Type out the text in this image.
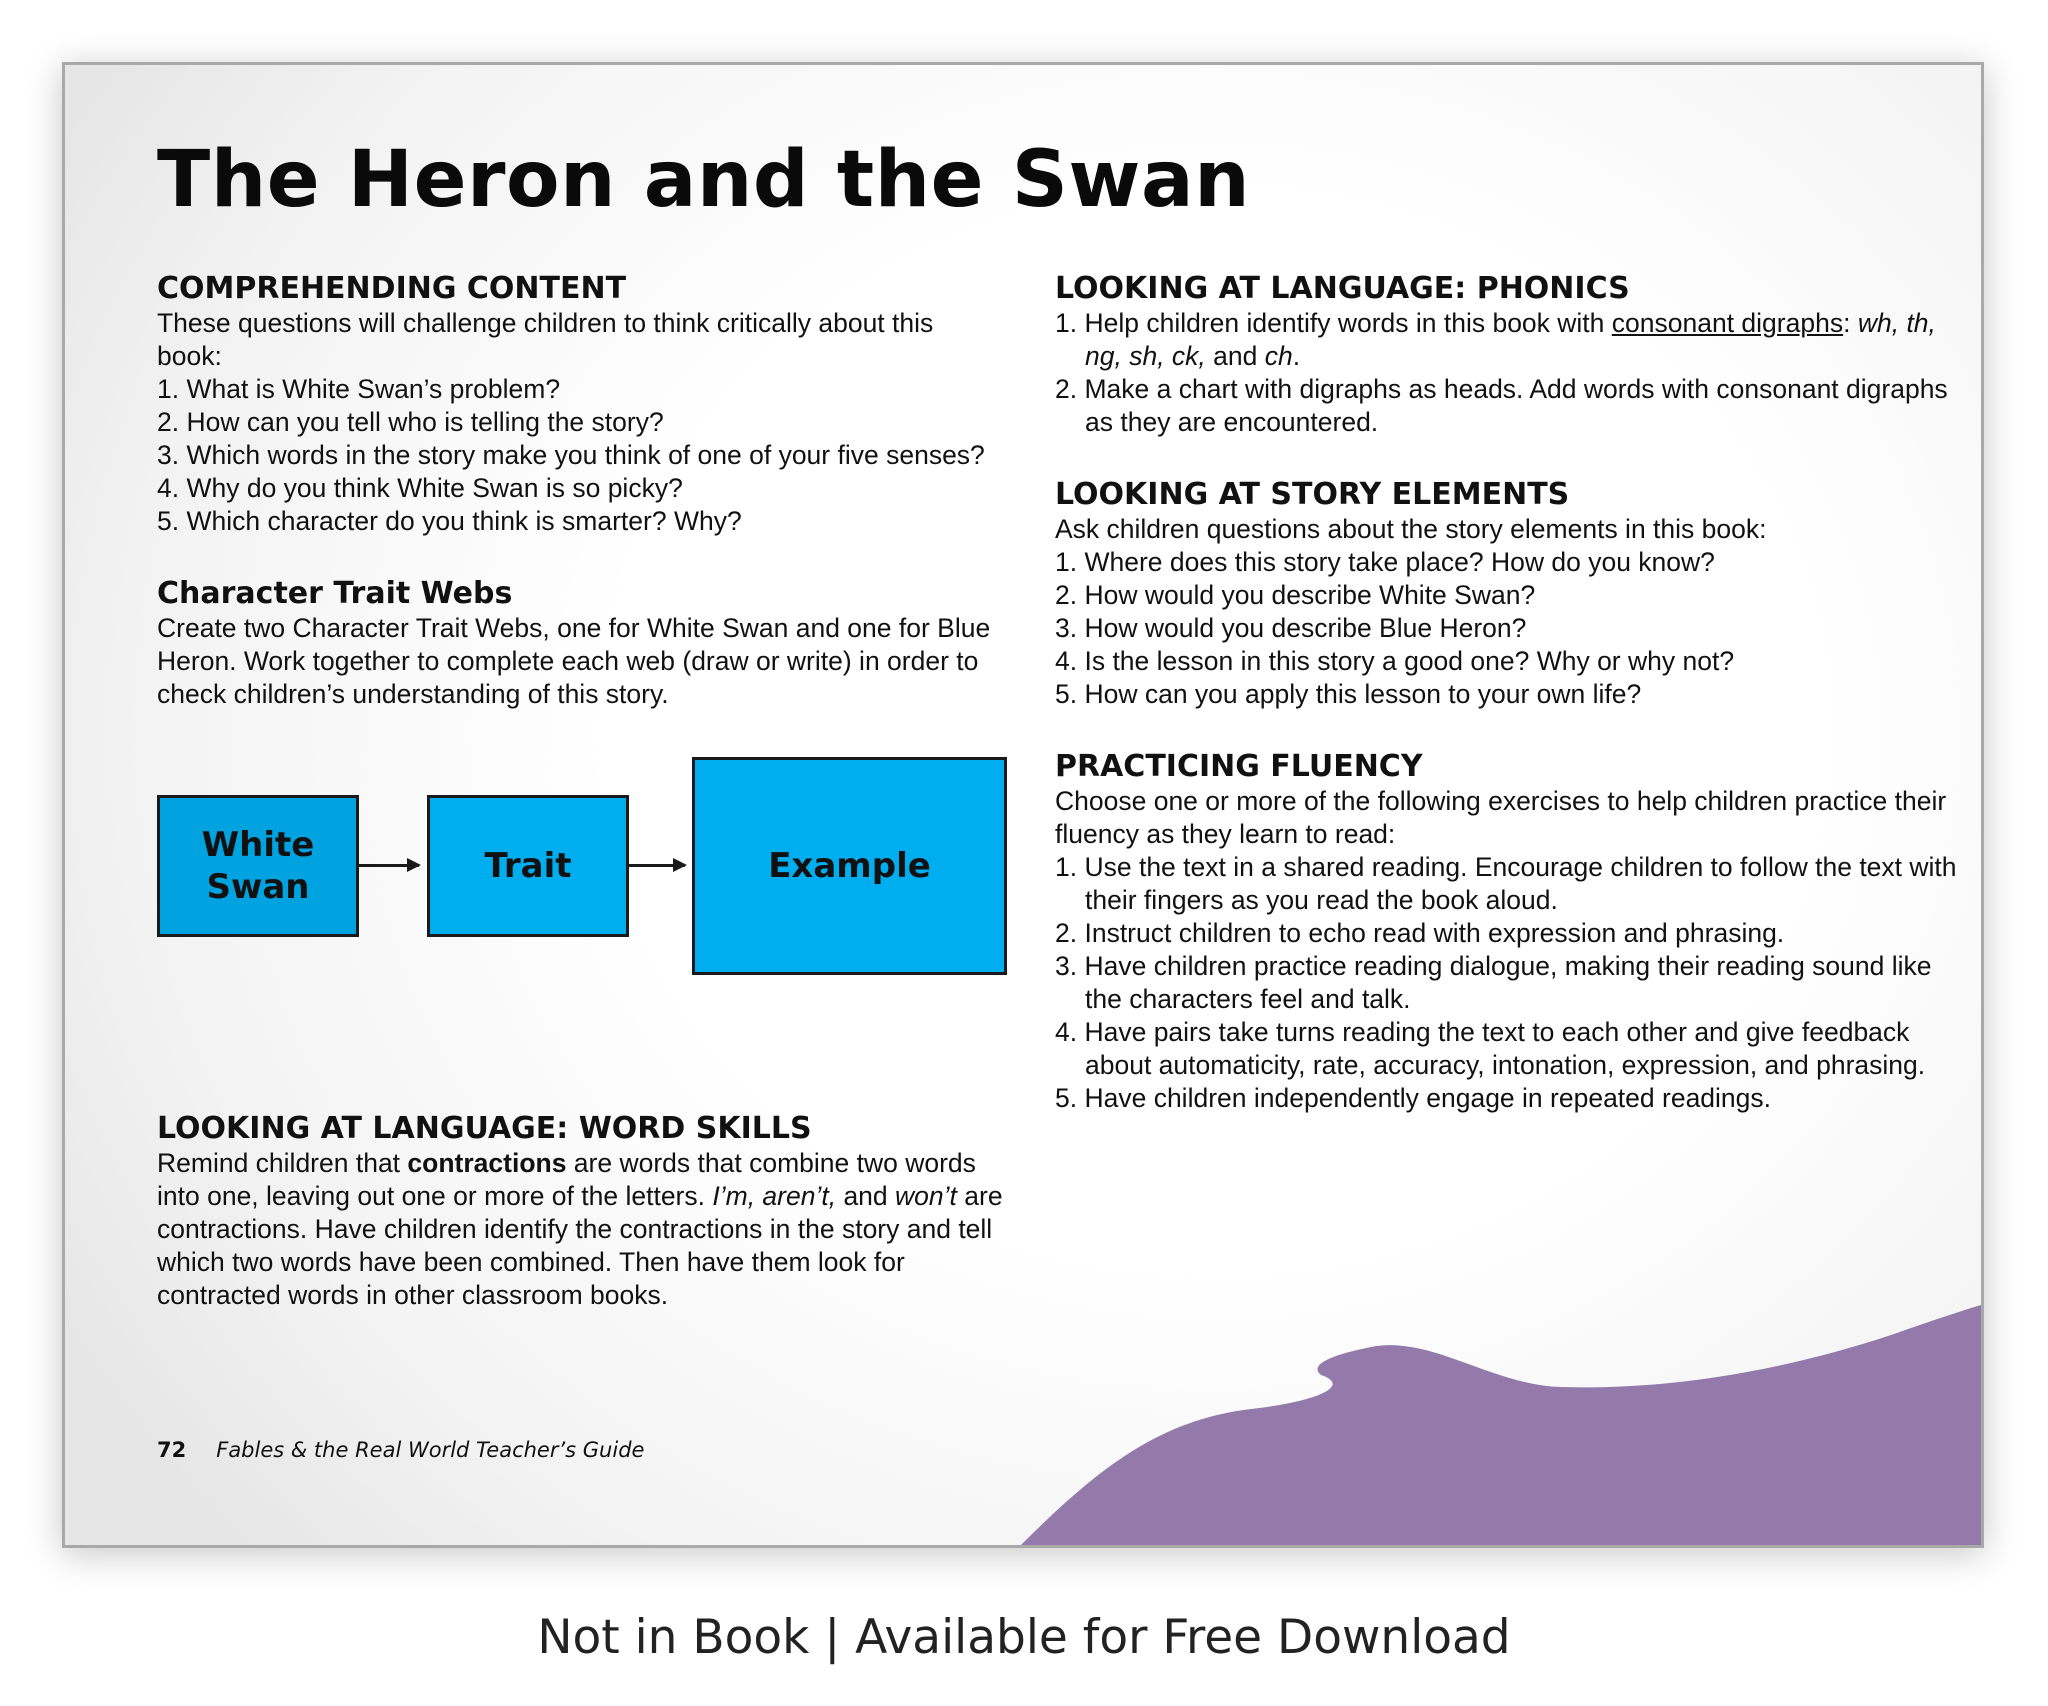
The Heron and the Swan
COMPREHENDING CONTENT

These questions will challenge children to think critically about this book:

1. What is White Swan’s problem?
2. How can you tell who is telling the story?
3. Which words in the story make you think of one of your five senses?
4. Why do you think White Swan is so picky?
5. Which character do you think is smarter? Why?
Character Trait Webs

Create two Character Trait Webs, one for White Swan and one for Blue Heron. Work together to complete each web (draw or write) in order to check children’s understanding of this story.

White Swan
Trait	Example
LOOKING AT LANGUAGE: WORD SKILLS

Remind children that contractions are words that combine two words into one, leaving out one or more of the letters. I’m, aren’t, and won’t are contractions. Have children identify the contractions in the story and tell which two words have been combined. Then have them look for contracted words in other classroom books.

LOOKING AT LANGUAGE: PHONICS
1. Help children identify words in this book with consonant digraphs: wh, th, ng, sh, ck, and ch.
2. Make a chart with digraphs as heads. Add words with consonant digraphs as they are encountered.
LOOKING AT STORY ELEMENTS

Ask children questions about the story elements in this book:

1. Where does this story take place? How do you know?
2. How would you describe White Swan?
3. How would you describe Blue Heron?
4. Is the lesson in this story a good one? Why or why not?
5. How can you apply this lesson to your own life?
PRACTICING FLUENCY

Choose one or more of the following exercises to help children practice their fluency as they learn to read:

1. Use the text in a shared reading. Encourage children to follow the text with their fingers as you read the book aloud.
2. Instruct children to echo read with expression and phrasing.
3. Have children practice reading dialogue, making their reading sound like the characters feel and talk.
4. Have pairs take turns reading the text to each other and give feedback about automaticity, rate, accuracy, intonation, expression, and phrasing.
5. Have children independently engage in repeated readings.
72 Fables & the Real World Teacher’s Guide
Not in Book | Available for Free Download
